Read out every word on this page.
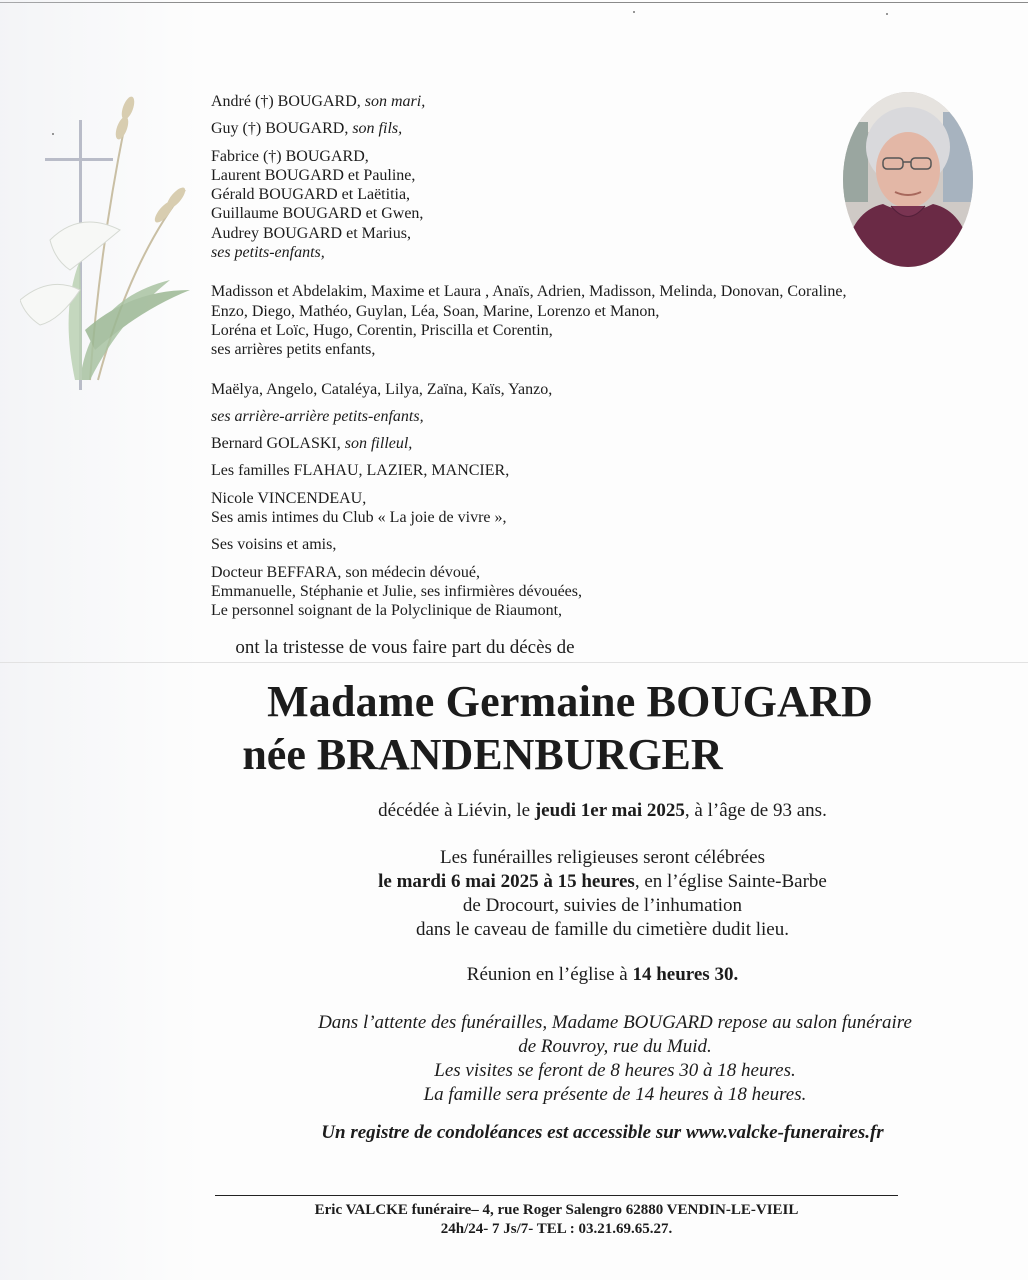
André (†) BOUGARD, son mari,
Guy (†) BOUGARD, son fils,
Fabrice (†) BOUGARD,
Laurent BOUGARD et Pauline,
Gérald BOUGARD et Laëtitia,
Guillaume BOUGARD et Gwen,
Audrey BOUGARD et Marius,
ses petits-enfants,
Madisson et Abdelakim, Maxime et Laura , Anaïs, Adrien, Madisson, Melinda, Donovan, Coraline,
Enzo, Diego, Mathéo, Guylan, Léa, Soan, Marine, Lorenzo et Manon,
Loréna et Loïc, Hugo, Corentin, Priscilla et Corentin,
ses arrières petits enfants,
Maëlya, Angelo, Cataléya, Lilya, Zaïna, Kaïs, Yanzo,
ses arrière-arrière petits-enfants,
Bernard GOLASKI, son filleul,
Les familles FLAHAU, LAZIER, MANCIER,
Nicole VINCENDEAU,
Ses amis intimes du Club « La joie de vivre »,
Ses voisins et amis,
Docteur BEFFARA, son médecin dévoué,
Emmanuelle, Stéphanie et Julie, ses infirmières dévouées,
Le personnel soignant de la Polyclinique de Riaumont,
ont la tristesse de vous faire part du décès de
Madame Germaine BOUGARD
née BRANDENBURGER
décédée à Liévin, le jeudi 1er mai 2025, à l’âge de 93 ans.
Les funérailles religieuses seront célébrées
le mardi 6 mai 2025 à 15 heures, en l’église Sainte-Barbe
de Drocourt, suivies de l’inhumation
dans le caveau de famille du cimetière dudit lieu.
Réunion en l’église à 14 heures 30.
Dans l’attente des funérailles, Madame BOUGARD repose au salon funéraire
de Rouvroy, rue du Muid.
Les visites se feront de 8 heures 30 à 18 heures.
La famille sera présente de 14 heures à 18 heures.
Un registre de condoléances est accessible sur www.valcke-funeraires.fr
Eric VALCKE funéraire– 4, rue Roger Salengro 62880 VENDIN-LE-VIEIL
24h/24- 7 Js/7- TEL : 03.21.69.65.27.
